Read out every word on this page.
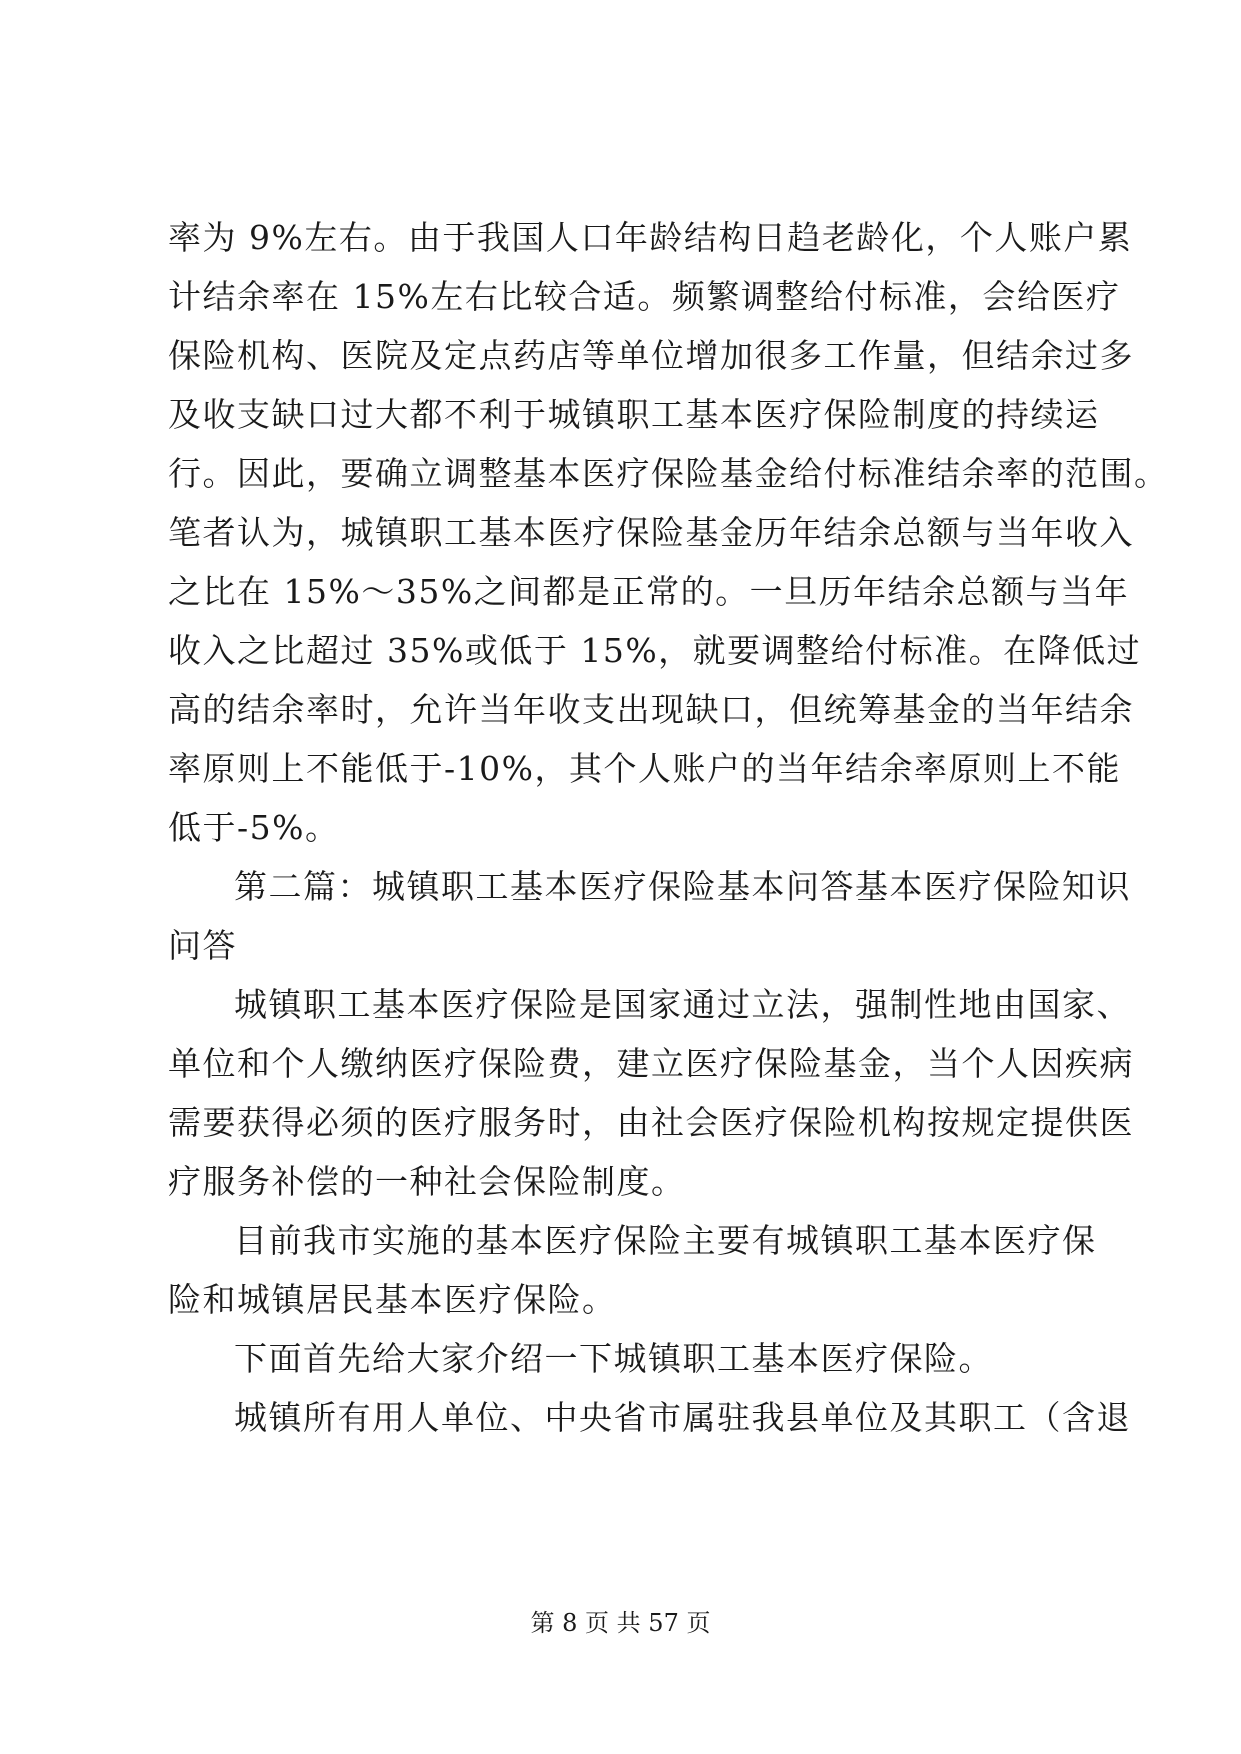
率为 9%左右。由于我国人口年龄结构日趋老龄化，个人账户累
计结余率在 15%左右比较合适。频繁调整给付标准，会给医疗
保险机构、医院及定点药店等单位增加很多工作量，但结余过多
及收支缺口过大都不利于城镇职工基本医疗保险制度的持续运
行。因此，要确立调整基本医疗保险基金给付标准结余率的范围。
笔者认为，城镇职工基本医疗保险基金历年结余总额与当年收入
之比在 15%～35%之间都是正常的。一旦历年结余总额与当年
收入之比超过 35%或低于 15%，就要调整给付标准。在降低过
高的结余率时，允许当年收支出现缺口，但统筹基金的当年结余
率原则上不能低于-10%，其个人账户的当年结余率原则上不能
低于-5%。
第二篇：城镇职工基本医疗保险基本问答基本医疗保险知识
问答
城镇职工基本医疗保险是国家通过立法，强制性地由国家、
单位和个人缴纳医疗保险费，建立医疗保险基金，当个人因疾病
需要获得必须的医疗服务时，由社会医疗保险机构按规定提供医
疗服务补偿的一种社会保险制度。
目前我市实施的基本医疗保险主要有城镇职工基本医疗保
险和城镇居民基本医疗保险。
下面首先给大家介绍一下城镇职工基本医疗保险。
城镇所有用人单位、中央省市属驻我县单位及其职工（含退
第 8 页 共 57 页
